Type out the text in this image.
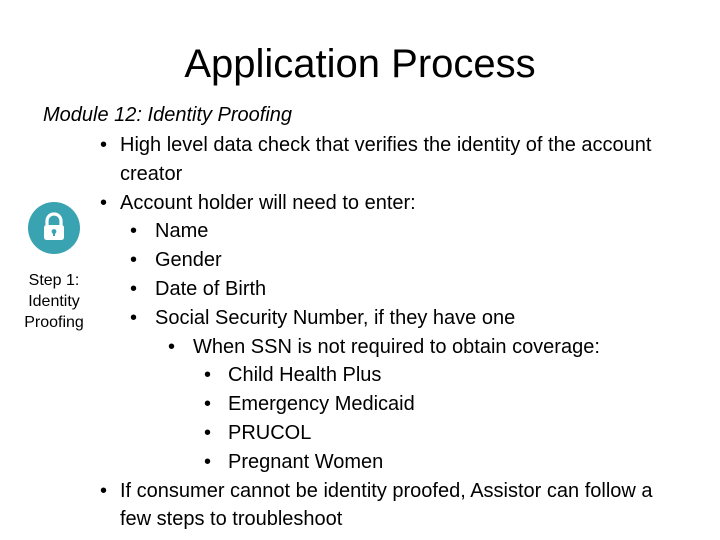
Application Process
Module 12: Identity Proofing
Step 1:
Identity
Proofing
• High level data check that verifies the identity of the account
creator
• Account holder will need to enter:
• Name
• Gender
• Date of Birth
• Social Security Number, if they have one
• When SSN is not required to obtain coverage:
• Child Health Plus
• Emergency Medicaid
• PRUCOL
• Pregnant Women
• If consumer cannot be identity proofed, Assistor can follow a
few steps to troubleshoot
